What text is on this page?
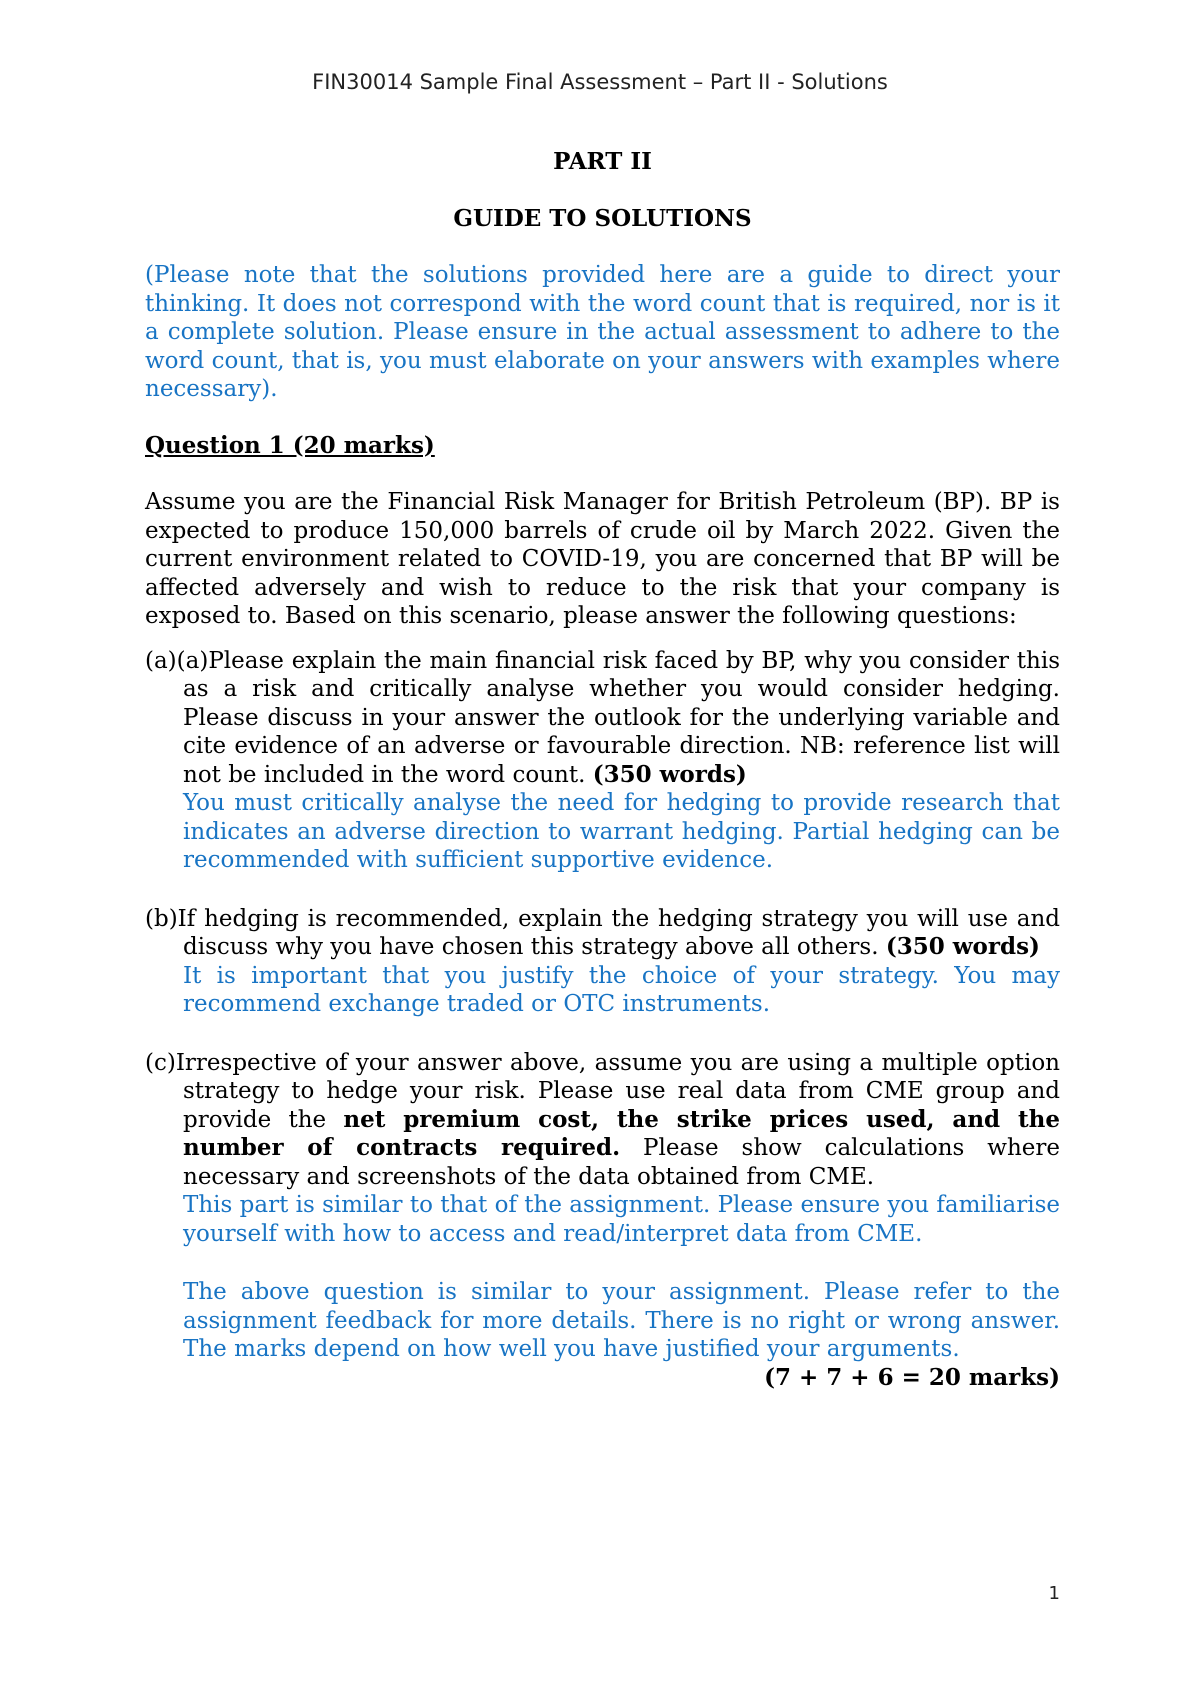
FIN30014 Sample Final Assessment – Part II - Solutions

PART II

GUIDE TO SOLUTIONS

(Please note that the solutions provided here are a guide to direct your thinking. It does not correspond with the word count that is required, nor is it a complete solution. Please ensure in the actual assessment to adhere to the word count, that is, you must elaborate on your answers with examples where necessary).

Question 1 (20 marks)

Assume you are the Financial Risk Manager for British Petroleum (BP). BP is expected to produce 150,000 barrels of crude oil by March 2022. Given the current environment related to COVID-19, you are concerned that BP will be affected adversely and wish to reduce to the risk that your company is exposed to. Based on this scenario, please answer the following questions:

(a)(a)Please explain the main financial risk faced by BP, why you consider this as a risk and critically analyse whether you would consider hedging. Please discuss in your answer the outlook for the underlying variable and cite evidence of an adverse or favourable direction. NB: reference list will not be included in the word count. (350 words)

You must critically analyse the need for hedging to provide research that indicates an adverse direction to warrant hedging. Partial hedging can be recommended with sufficient supportive evidence.

(b)If hedging is recommended, explain the hedging strategy you will use and discuss why you have chosen this strategy above all others. (350 words)

It is important that you justify the choice of your strategy. You may recommend exchange traded or OTC instruments.

(c)Irrespective of your answer above, assume you are using a multiple option strategy to hedge your risk. Please use real data from CME group and provide the net premium cost, the strike prices used, and the number of contracts required. Please show calculations where necessary and screenshots of the data obtained from CME.

This part is similar to that of the assignment. Please ensure you familiarise yourself with how to access and read/interpret data from CME.

The above question is similar to your assignment. Please refer to the assignment feedback for more details. There is no right or wrong answer. The marks depend on how well you have justified your arguments.

(7 + 7 + 6 = 20 marks)

1
